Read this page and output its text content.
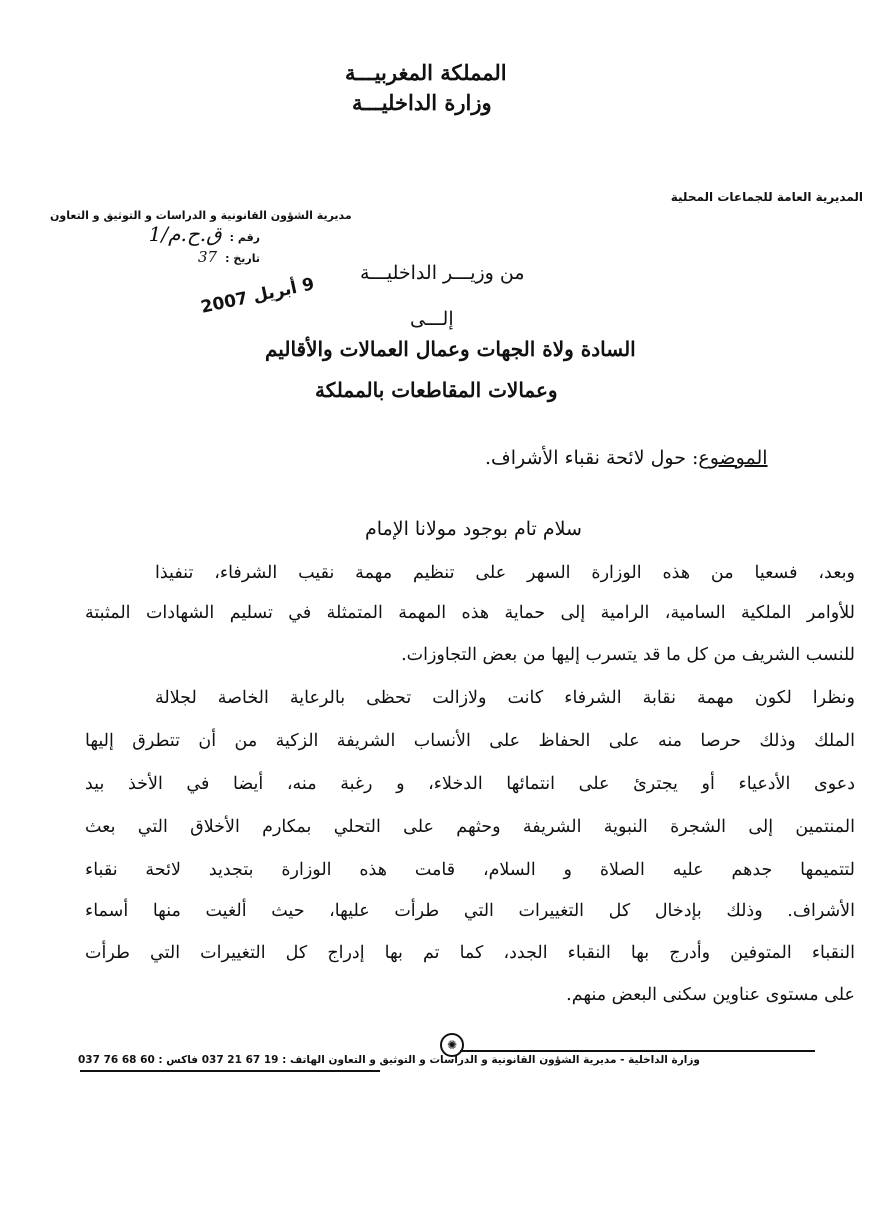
المملكة المغربيـــة
وزارة الداخليـــة
المديرية العامة للجماعات المحلية
مديرية الشؤون القانونية و الدراسات و التوثيق و التعاون
رقم :
ق.ح.م/1
تاريخ :
37
من وزيـــر الداخليـــة
9 أبريل 2007
إلـــى
السادة ولاة الجهات وعمال العمالات والأقاليم
وعمالات المقاطعات بالمملكة
الموضوع: حول لائحة نقباء الأشراف.
سلام تام بوجود مولانا الإمام
وبعد، فسعيا من هذه الوزارة السهر على تنظيم مهمة نقيب الشرفاء، تنفيذا
للأوامر الملكية السامية، الرامية إلى حماية هذه المهمة المتمثلة في تسليم الشهادات المثبتة
للنسب الشريف من كل ما قد يتسرب إليها من بعض التجاوزات.
ونظرا لكون مهمة نقابة الشرفاء كانت ولازالت تحظى بالرعاية الخاصة لجلالة
الملك وذلك حرصا منه على الحفاظ على الأنساب الشريفة الزكية من أن تتطرق إليها
دعوى الأدعياء أو يجترئ على انتمائها الدخلاء، و رغبة منه، أيضا في الأخذ بيد
المنتمين إلى الشجرة النبوية الشريفة وحثهم على التحلي بمكارم الأخلاق التي بعث
لتتميمها جدهم عليه الصلاة و السلام، قامت هذه الوزارة بتجديد لائحة نقباء
الأشراف. وذلك بإدخال كل التغييرات التي طرأت عليها، حيث ألغيت منها أسماء
النقباء المتوفين وأدرج بها النقباء الجدد، كما تم بها إدراج كل التغييرات التي طرأت
على مستوى عناوين سكنى البعض منهم.
✺
وزارة الداخلية - مديرية الشؤون القانونية و الدراسات و التوثيق و التعاون الهاتف : 19 67 21 037 فاكس : 60 68 76 037
